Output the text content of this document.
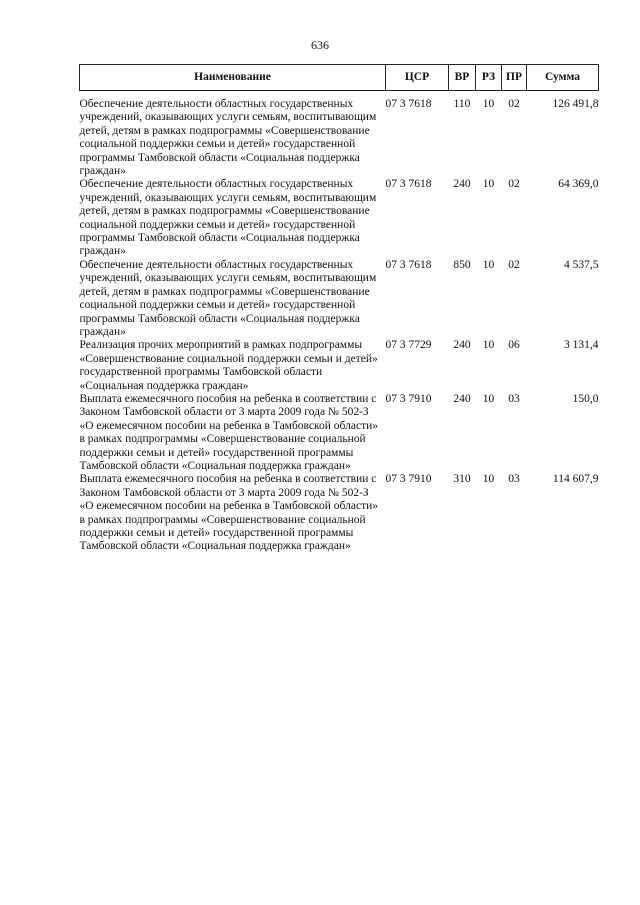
636
Наименование	ЦСР	ВР	РЗ	ПР	Сумма
Обеспечение деятельности областных государственных учреждений, оказывающих услуги семьям, воспитывающим детей, детям в рамках подпрограммы «Совершенствование социальной поддержки семьи и детей» государственной программы Тамбовской области «Социальная поддержка граждан»	07 3 7618	110	10	02	126 491,8
Обеспечение деятельности областных государственных учреждений, оказывающих услуги семьям, воспитывающим детей, детям в рамках подпрограммы «Совершенствование социальной поддержки семьи и детей» государственной программы Тамбовской области «Социальная поддержка граждан»	07 3 7618	240	10	02	64 369,0
Обеспечение деятельности областных государственных учреждений, оказывающих услуги семьям, воспитывающим детей, детям в рамках подпрограммы «Совершенствование социальной поддержки семьи и детей» государственной программы Тамбовской области «Социальная поддержка граждан»	07 3 7618	850	10	02	4 537,5
Реализация прочих мероприятий в рамках подпрограммы «Совершенствование социальной поддержки семьи и детей» государственной программы Тамбовской области «Социальная поддержка граждан»	07 3 7729	240	10	06	3 131,4
Выплата ежемесячного пособия на ребенка в соответствии с Законом Тамбовской области от 3 марта 2009 года № 502-З «О ежемесячном пособии на ребенка в Тамбовской области» в рамках подпрограммы «Совершенствование социальной поддержки семьи и детей» государственной программы Тамбовской области «Социальная поддержка граждан»	07 3 7910	240	10	03	150,0
Выплата ежемесячного пособия на ребенка в соответствии с Законом Тамбовской области от 3 марта 2009 года № 502-З «О ежемесячном пособии на ребенка в Тамбовской области» в рамках подпрограммы «Совершенствование социальной поддержки семьи и детей» государственной программы Тамбовской области «Социальная поддержка граждан»	07 3 7910	310	10	03	114 607,9
